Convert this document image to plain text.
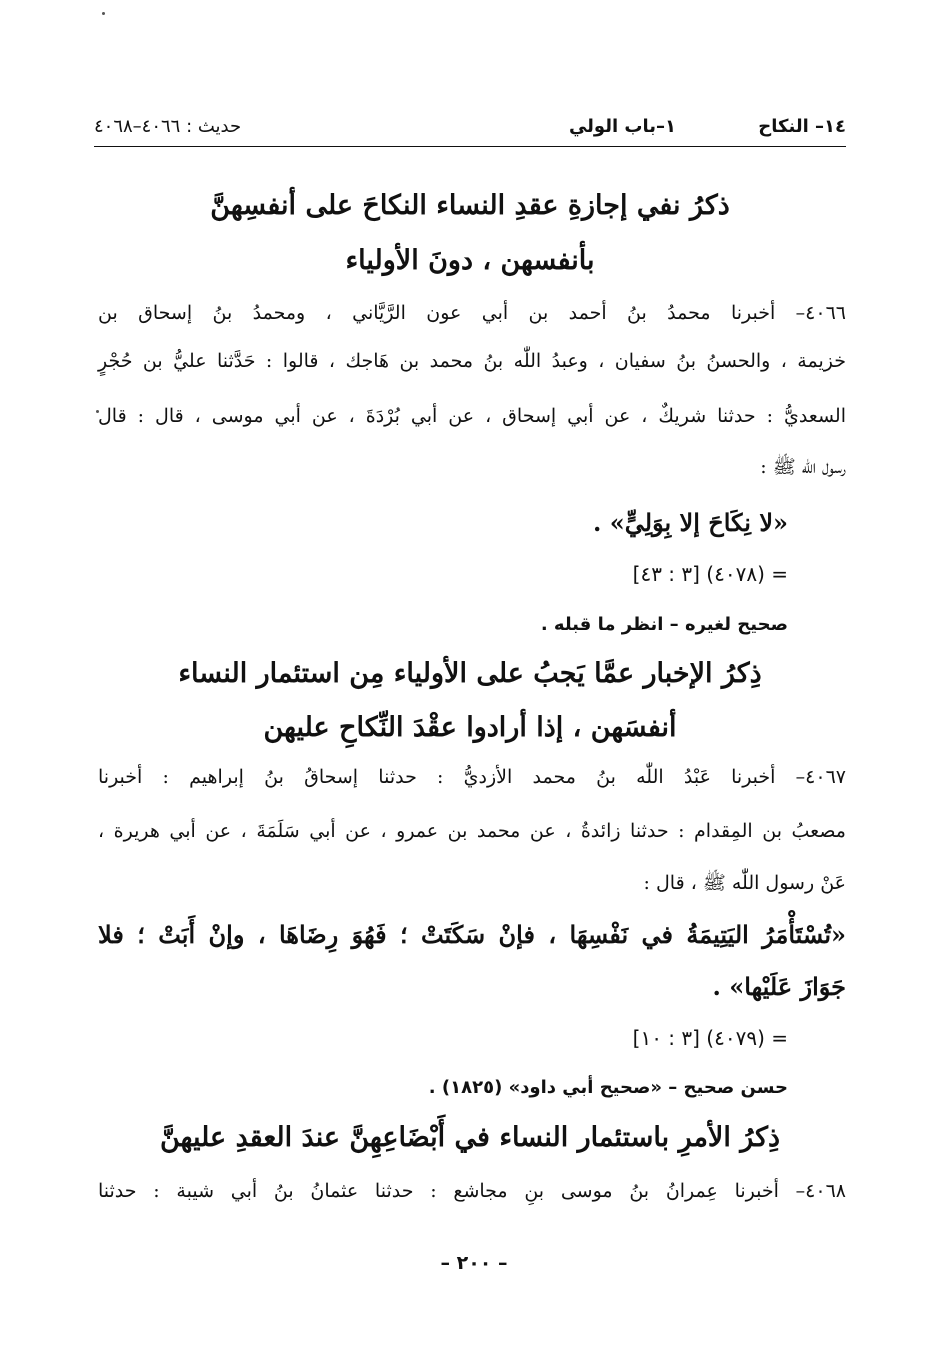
١٤– النكاح
١–باب الولي
حديث : ٤٠٦٦–٤٠٦٨
ذكرُ نفي إجازةِ عقدِ النساء النكاحَ على أنفسِهنَّ
بأنفسهن ، دونَ الأولياء
٤٠٦٦– أخبرنا محمدُ بنُ أحمد بن أبي عون الرَّيَّاني ، ومحمدُ بنُ إسحاق بن
خزيمة ، والحسنُ بنُ سفيان ، وعبدُ اللّٰه بنُ محمد بن هَاجك ، قالوا : حَدَّثنا عليُّ بن حُجْرٍ
السعديُّ : حدثنا شريكٌ ، عن أبي إسحاق ، عن أبي بُرْدَةَ ، عن أبي موسى ، قال : قال
رسول اللّٰه ﷺ :
«لا نِكَاحَ إلا بِوَلِيٍّ» .
= (٤٠٧٨) [٣ : ٤٣]
صحيح لغيره – انظر ما قبله .
ذِكرُ الإخبار عمَّا يَجبُ على الأولياء مِن استئمار النساء
أنفسَهن ، إذا أرادوا عقْدَ النِّكاحِ عليهن
٤٠٦٧– أخبرنا عَبْدُ اللّٰه بنُ محمد الأزديُّ : حدثنا إسحاقُ بنُ إبراهيم : أخبرنا
مصعبُ بن المِقدام : حدثنا زائدةُ ، عن محمد بن عمرو ، عن أبي سَلَمَةَ ، عن أبي هريرة ،
عَنْ رسول اللّٰه ﷺ ، قال :
«تُسْتَأْمَرُ اليَتِيمَةُ في نَفْسِهَا ، فإنْ سَكَتَتْ ؛ فَهُوَ رِضَاهَا ، وإنْ أَبَتْ ؛ فلا
جَوَازَ عَلَيْها» .
= (٤٠٧٩) [٣ : ١٠]
حسن صحيح – «صحيح أبي داود» (١٨٢٥) .
ذِكرُ الأمرِ باستئمار النساء في أَبْضَاعِهِنَّ عندَ العقدِ عليهنَّ
٤٠٦٨– أخبرنا عِمرانُ بنُ موسى بنِ مجاشع : حدثنا عثمانُ بنُ أبي شيبة : حدثنا
– ٢٠٠ –
